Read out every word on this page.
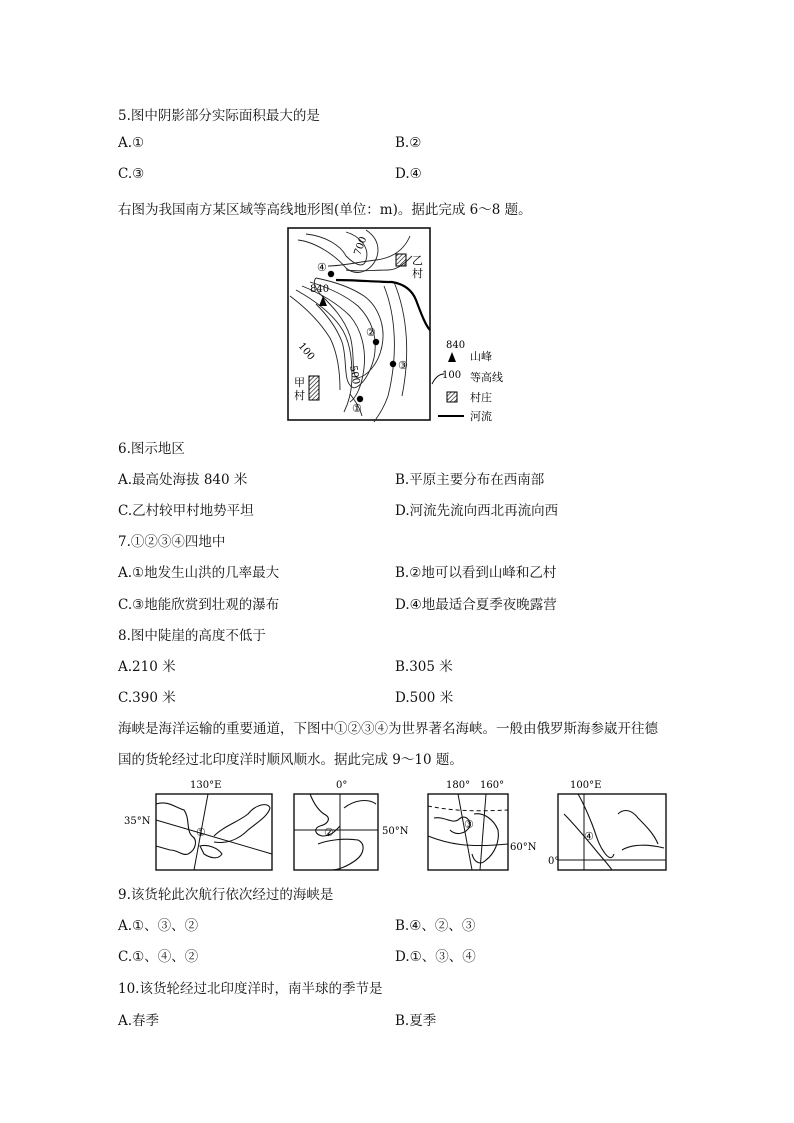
5.图中阴影部分实际面积最大的是
A.①	B.②
C.③	D.④
右图为我国南方某区域等高线地形图(单位：m)。据此完成 6～8 题。
840
700
100
500
④
②
③
①
乙
村
甲
村
840
山峰
100 等高线
村庄
河流
6.图示地区
A.最高处海拔 840 米	B.平原主要分布在西南部
C.乙村较甲村地势平坦	D.河流先流向西北再流向西
7.①②③④四地中
A.①地发生山洪的几率最大	B.②地可以看到山峰和乙村
C.③地能欣赏到壮观的瀑布	D.④地最适合夏季夜晚露营
8.图中陡崖的高度不低于
A.210 米	B.305 米
C.390 米	D.500 米
海峡是海洋运输的重要通道，下图中①②③④为世界著名海峡。一般由俄罗斯海参崴开往德
国的货轮经过北印度洋时顺风顺水。据此完成 9～10 题。
130°E
35°N
①
0°
50°N
②
180° 160°
60°N
③
100°E
0°
④
9.该货轮此次航行依次经过的海峡是
A.①、③、②	B.④、②、③
C.①、④、②	D.①、③、④
10.该货轮经过北印度洋时，南半球的季节是
A.春季	B.夏季
